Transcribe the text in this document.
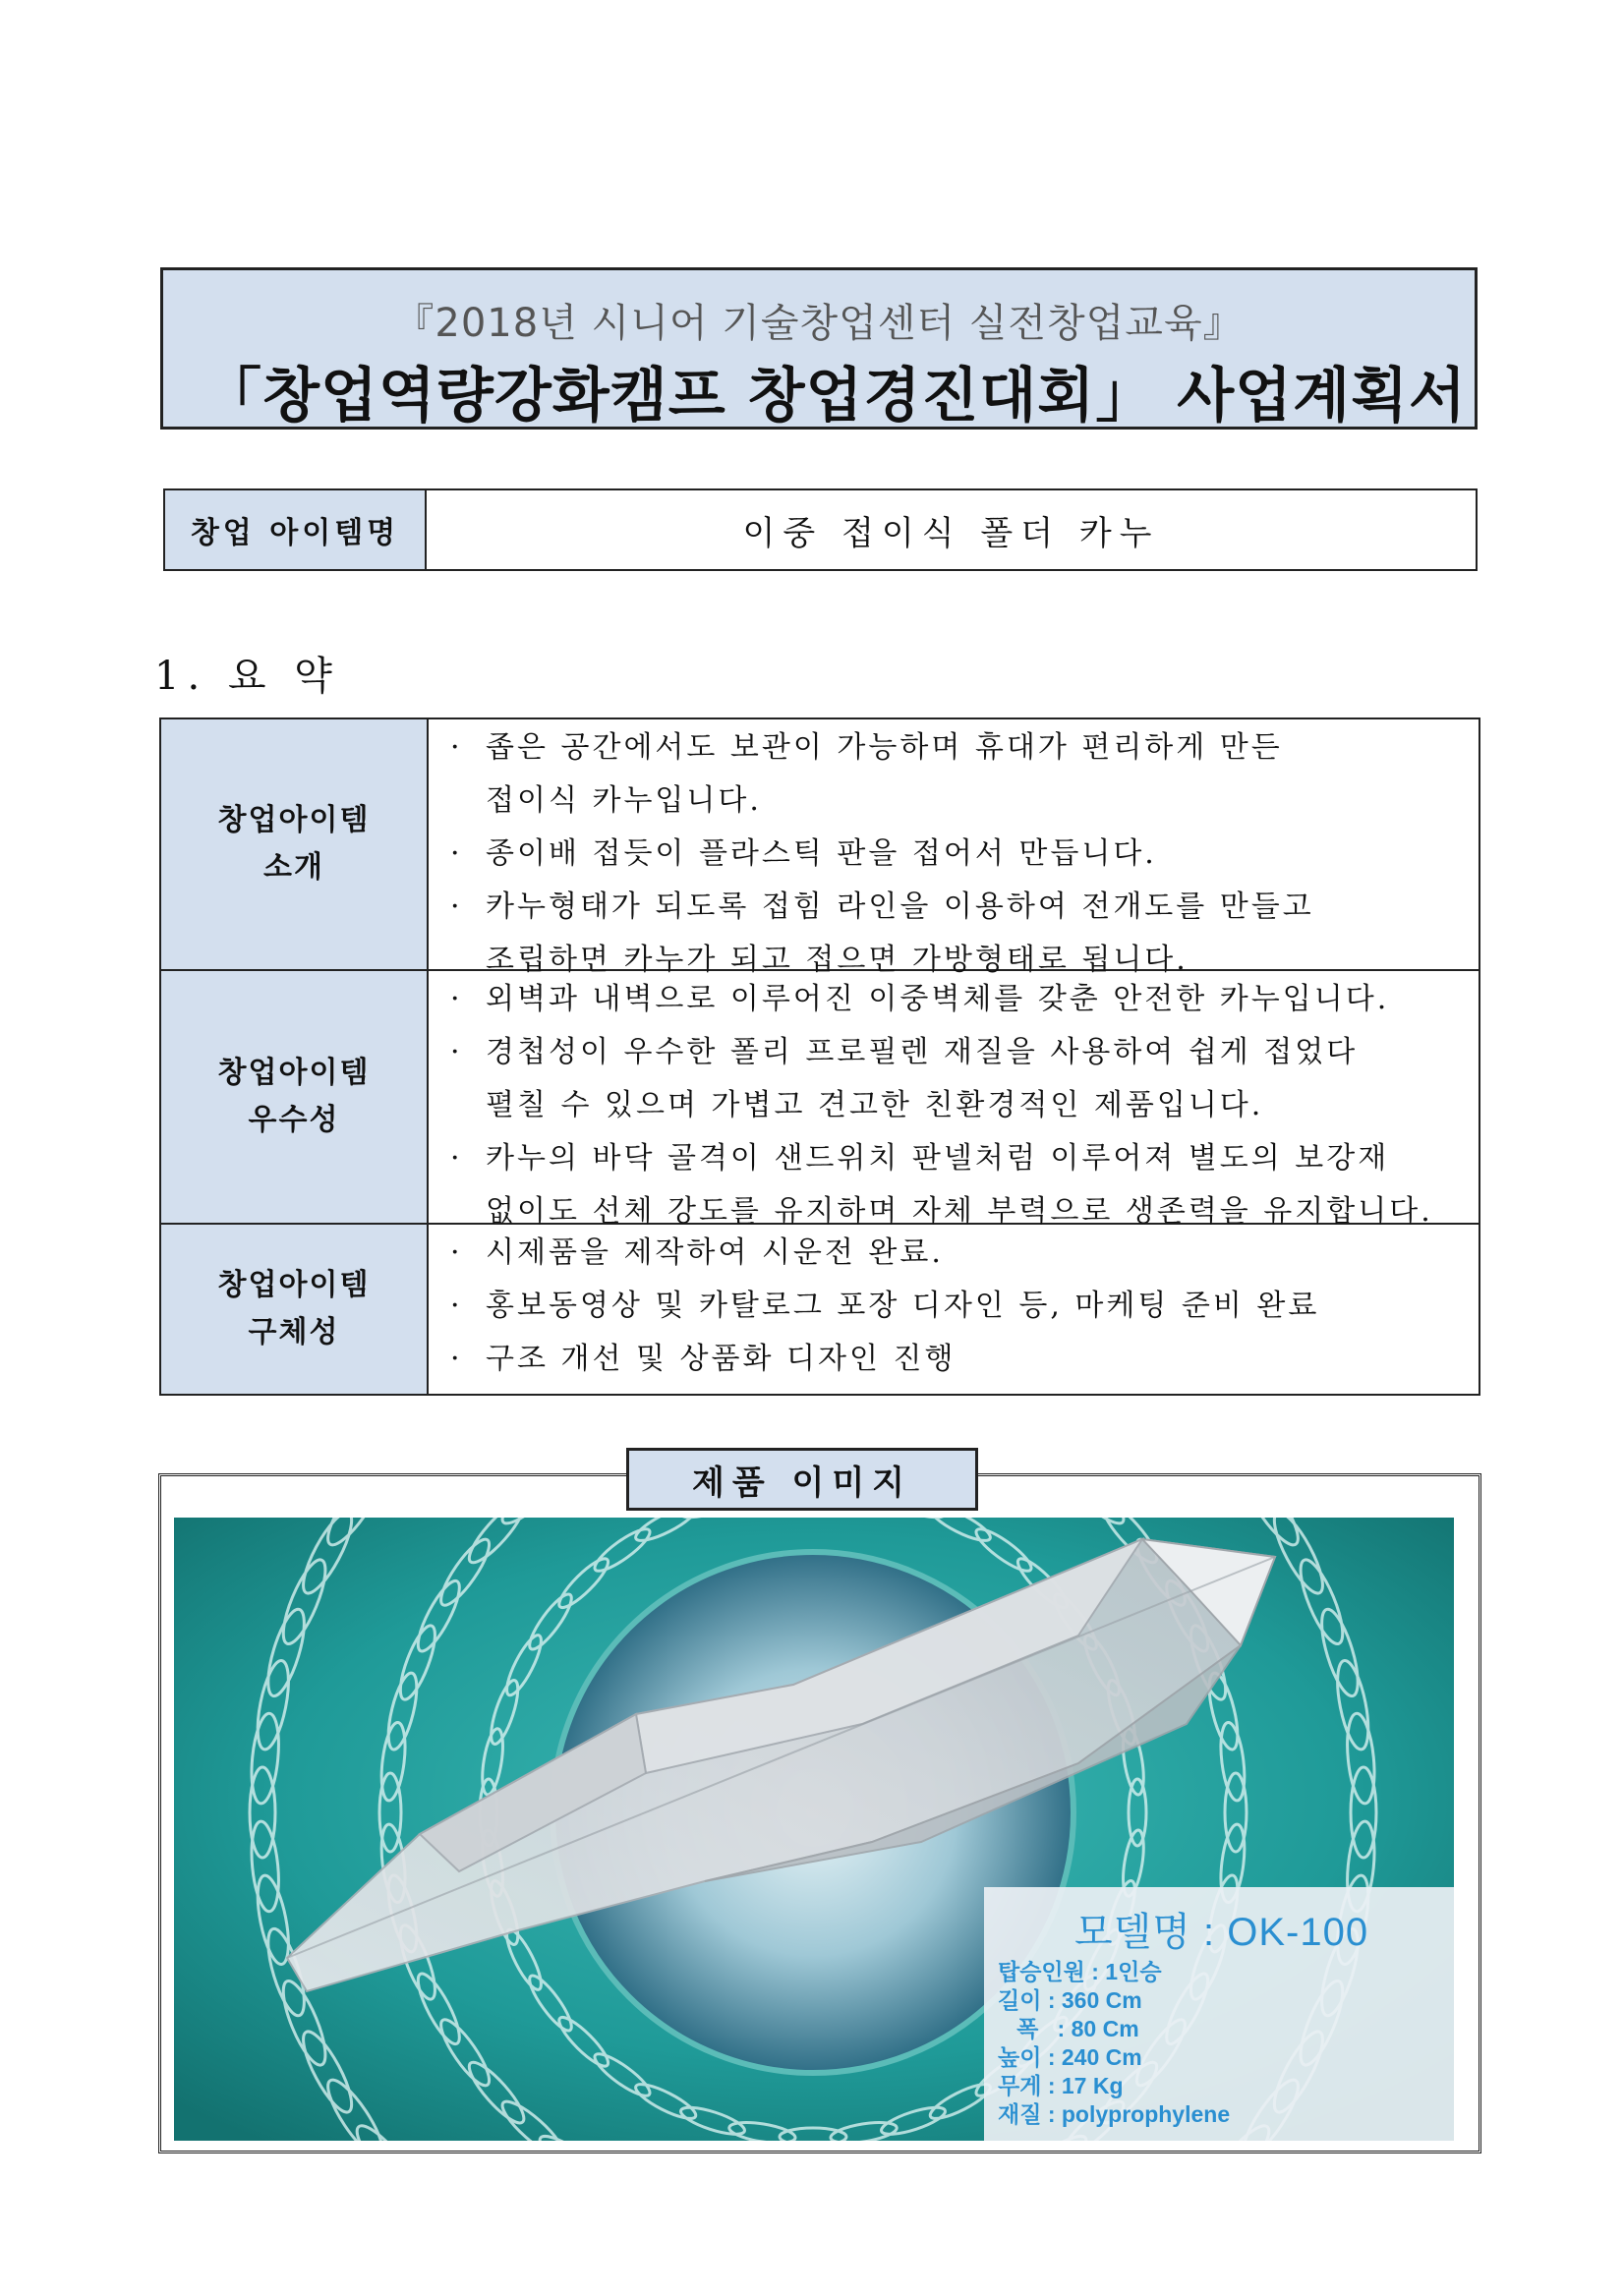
『2018년 시니어 기술창업센터 실전창업교육』
「창업역량강화캠프 창업경진대회」 사업계획서
창업 아이템명	이중 접이식 폴더 카누
1. 요 약
창업아이템
소개
· 좁은 공간에서도 보관이 가능하며 휴대가 편리하게 만든
접이식 카누입니다.
· 종이배 접듯이 플라스틱 판을 접어서 만듭니다.
· 카누형태가 되도록 접힘 라인을 이용하여 전개도를 만들고
조립하면 카누가 되고 접으면 가방형태로 됩니다.
창업아이템
우수성
· 외벽과 내벽으로 이루어진 이중벽체를 갖춘 안전한 카누입니다.
· 경첩성이 우수한 폴리 프로필렌 재질을 사용하여 쉽게 접었다
펼칠 수 있으며 가볍고 견고한 친환경적인 제품입니다.
· 카누의 바닥 골격이 샌드위치 판넬처럼 이루어져 별도의 보강재
없이도 선체 강도를 유지하며 자체 부력으로 생존력을 유지합니다.
창업아이템
구체성
· 시제품을 제작하여 시운전 완료.
· 홍보동영상 및 카탈로그 포장 디자인 등, 마케팅 준비 완료
· 구조 개선 및 상품화 디자인 진행
제품 이미지
모델명 : OK-100
탑승인원 : 1인승
길이 : 360 Cm
폭   : 80 Cm
높이 : 240 Cm
무게 : 17 Kg
재질 : polyprophylene
